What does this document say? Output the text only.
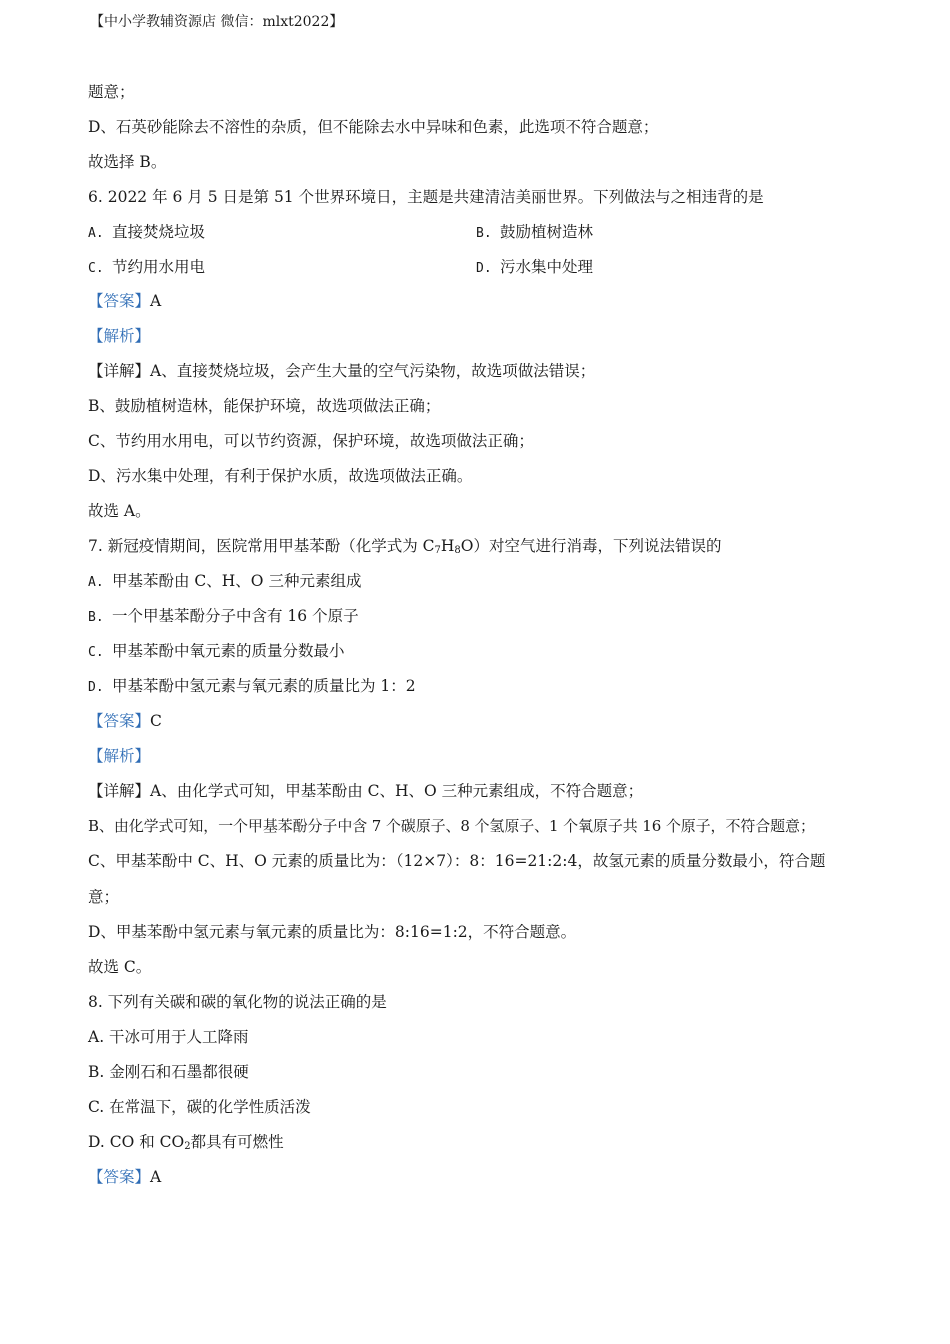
【中小学教辅资源店 微信：mlxt2022】
题意；
D、石英砂能除去不溶性的杂质，但不能除去水中异味和色素，此选项不符合题意；
故选择 B。
6. 2022 年 6 月 5 日是第 51 个世界环境日，主题是共建清洁美丽世界。下列做法与之相违背的是
A. 直接焚烧垃圾	B. 鼓励植树造林
C. 节约用水用电	D. 污水集中处理
【答案】A
【解析】
【详解】A、直接焚烧垃圾，会产生大量的空气污染物，故选项做法错误；
B、鼓励植树造林，能保护环境，故选项做法正确；
C、节约用水用电，可以节约资源，保护环境，故选项做法正确；
D、污水集中处理，有利于保护水质，故选项做法正确。
故选 A。
7. 新冠疫情期间，医院常用甲基苯酚（化学式为 $C_7H_8O$）对空气进行消毒，下列说法错误的
A. 甲基苯酚由 C、H、O 三种元素组成
B. 一个甲基苯酚分子中含有 16 个原子
C. 甲基苯酚中氧元素的质量分数最小
D. 甲基苯酚中氢元素与氧元素的质量比为 1：2
【答案】C
【解析】
【详解】A、由化学式可知，甲基苯酚由 C、H、O 三种元素组成，不符合题意；
B、由化学式可知，一个甲基苯酚分子中含 7 个碳原子、8 个氢原子、1 个氧原子共 16 个原子，不符合题意；
C、甲基苯酚中 C、H、O 元素的质量比为：（12×7）：8：16=21:2:4，故氢元素的质量分数最小，符合题
意；
D、甲基苯酚中氢元素与氧元素的质量比为：8:16=1:2，不符合题意。
故选 C。
8. 下列有关碳和碳的氧化物的说法正确的是
A. 干冰可用于人工降雨
B. 金刚石和石墨都很硬
C. 在常温下，碳的化学性质活泼
D. CO 和 $CO_2$都具有可燃性
【答案】A
